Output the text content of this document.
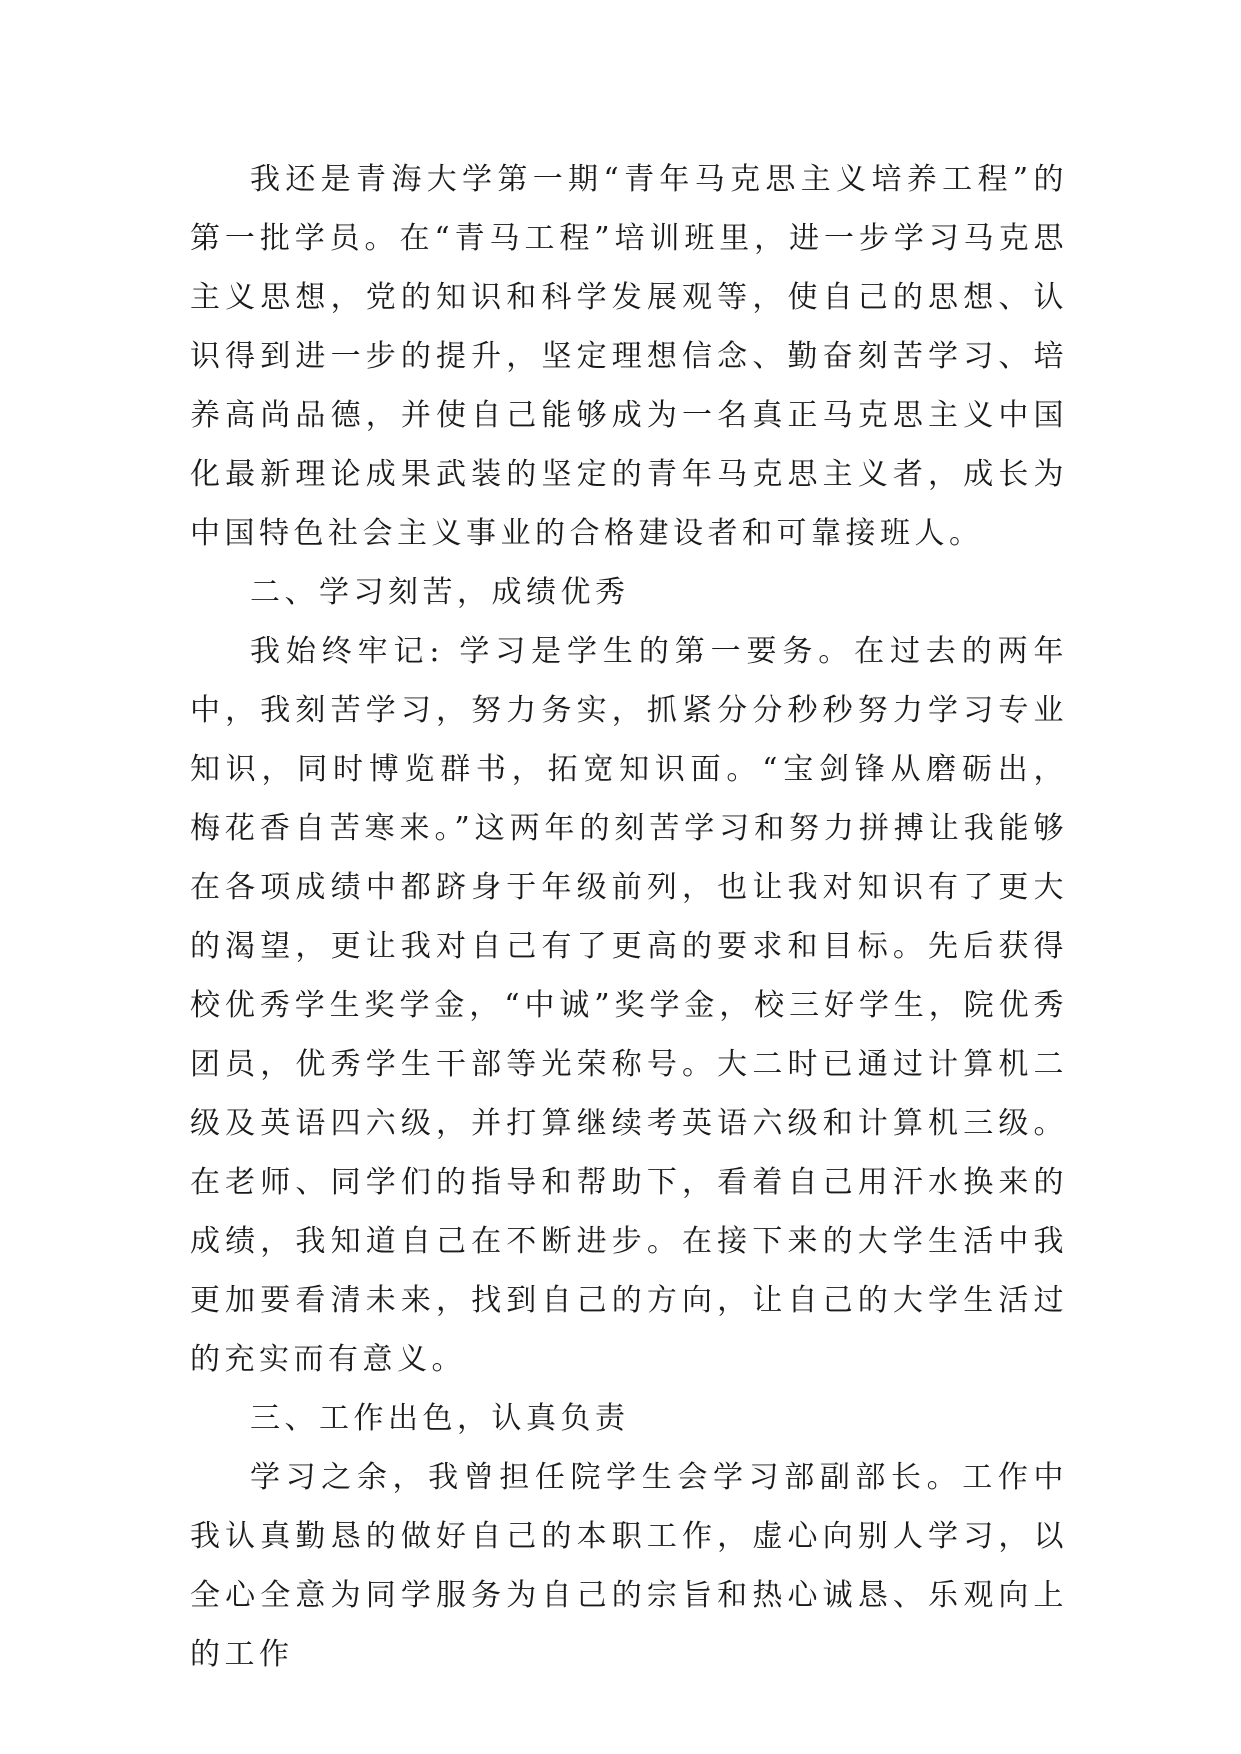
我还是青海大学第一期“青年马克思主义培养工程”的第一批学员。在“青马工程”培训班里，进一步学习马克思主义思想，党的知识和科学发展观等，使自己的思想、认识得到进一步的提升，坚定理想信念、勤奋刻苦学习、培养高尚品德，并使自己能够成为一名真正马克思主义中国化最新理论成果武装的坚定的青年马克思主义者，成长为中国特色社会主义事业的合格建设者和可靠接班人。

二、学习刻苦，成绩优秀

我始终牢记: 学习是学生的第一要务。在过去的两年中，我刻苦学习，努力务实，抓紧分分秒秒努力学习专业知识，同时博览群书，拓宽知识面。“宝剑锋从磨砺出，梅花香自苦寒来。”这两年的刻苦学习和努力拼搏让我能够在各项成绩中都跻身于年级前列，也让我对知识有了更大的渴望，更让我对自己有了更高的要求和目标。先后获得校优秀学生奖学金，“中诚”奖学金，校三好学生，院优秀团员，优秀学生干部等光荣称号。大二时已通过计算机二级及英语四六级，并打算继续考英语六级和计算机三级。在老师、同学们的指导和帮助下，看着自己用汗水换来的成绩，我知道自己在不断进步。在接下来的大学生活中我更加要看清未来，找到自己的方向，让自己的大学生活过的充实而有意义。

三、工作出色，认真负责

学习之余，我曾担任院学生会学习部副部长。工作中我认真勤恳的做好自己的本职工作，虚心向别人学习，以全心全意为同学服务为自己的宗旨和热心诚恳、乐观向上的工作
